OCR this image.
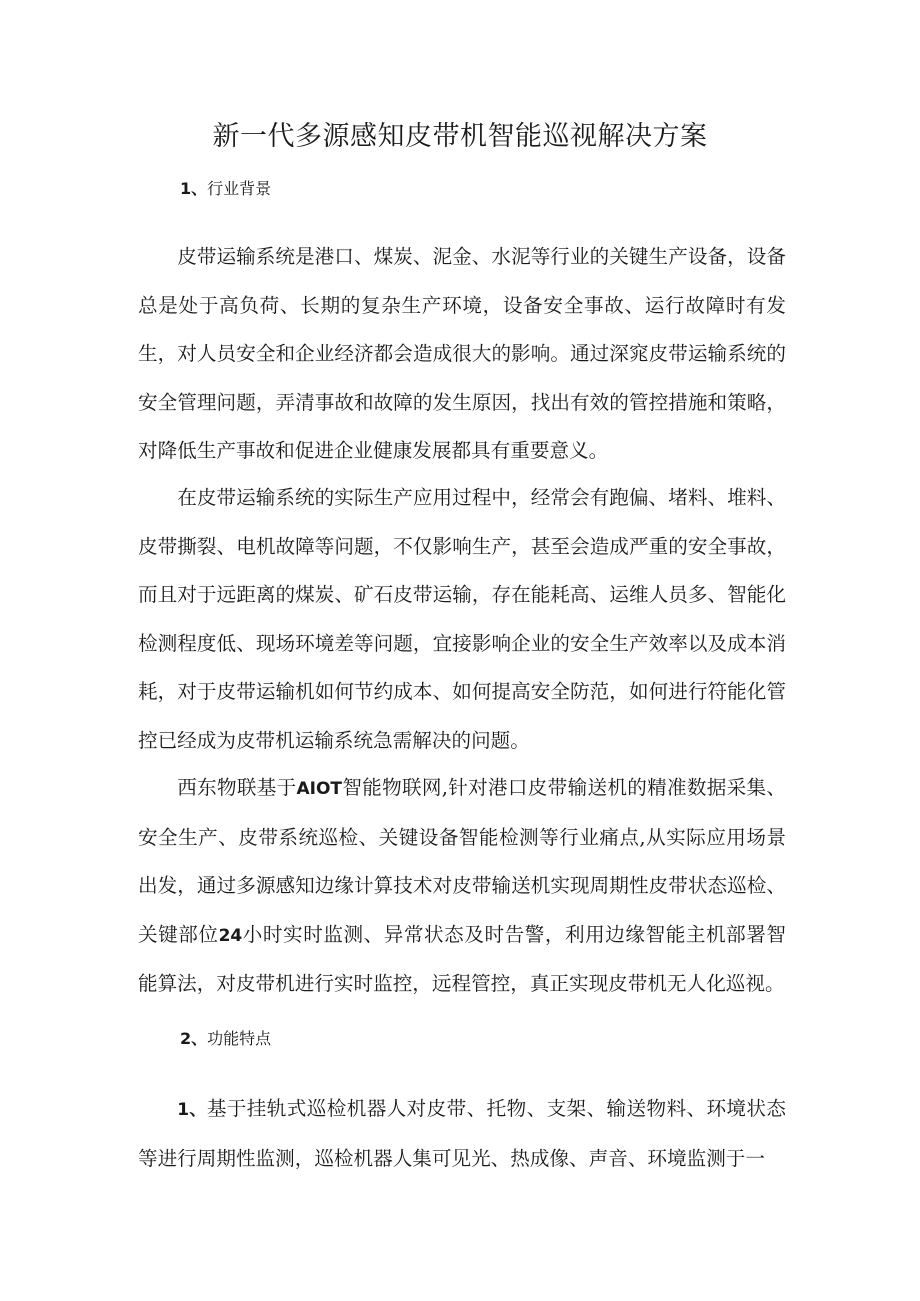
新一代多源感知皮带机智能巡视解决方案
1、行业背景

皮带运输系统是港口、煤炭、泥金、水泥等行业的关键生产设备，设备总是处于高负荷、长期的复杂生产环境，设备安全事故、运行故障时有发生，对人员安全和企业经济都会造成很大的影响。通过深窕皮带运输系统的安全管理问题，弄清事故和故障的发生原因，找出有效的管控措施和策略，对降低生产事故和促进企业健康发展都具有重要意义。

在皮带运输系统的实际生产应用过程中，经常会有跑偏、堵料、堆料、皮带撕裂、电机故障等问题，不仅影响生产，甚至会造成严重的安全事故，而且对于远距离的煤炭、矿石皮带运输，存在能耗高、运维人员多、智能化检测程度低、现场环境差等问题，宜接影响企业的安全生产效率以及成本消耗，对于皮带运输机如何节约成本、如何提高安全防范，如何进行符能化管控已经成为皮带机运输系统急需解决的问题。

西东物联基于AIOT智能物联网,针对港口皮带输送机的精准数据采集、安全生产、皮带系统巡检、关键设备智能检测等行业痛点,从实际应用场景出发，通过多源感知边缘计算技术对皮带输送机实现周期性皮带状态巡检、关键部位24小时实时监测、异常状态及时告警，利用边缘智能主机部署智能算法，对皮带机进行实时监控，远程管控，真正实现皮带机无人化巡视。

2、功能特点

1、基于挂轨式巡检机器人对皮带、托物、支架、输送物料、环境状态等进行周期性监测，巡检机器人集可见光、热成像、声音、环境监测于一
